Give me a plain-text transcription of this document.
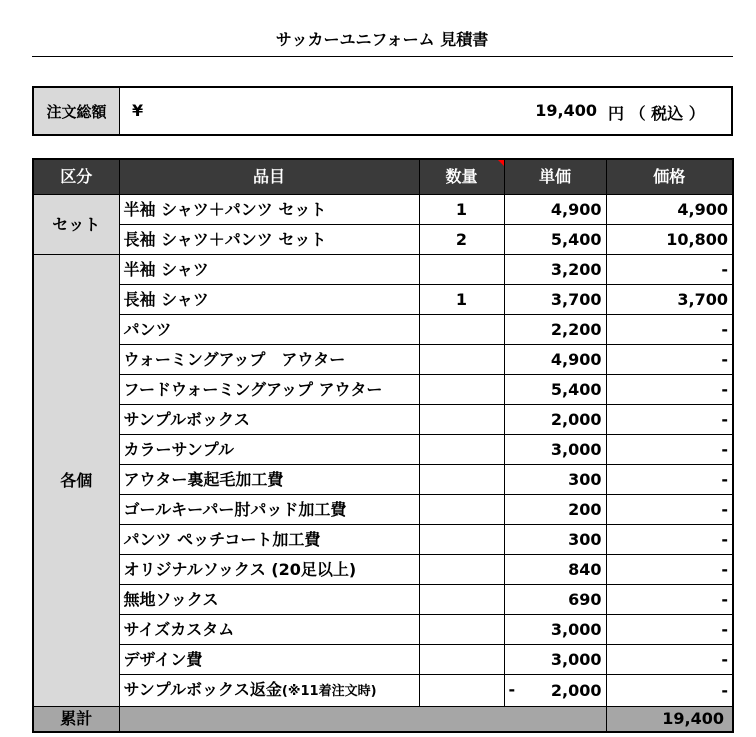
サッカーユニフォーム 見積書
注文総額	¥	19,400 円 （ 税込 ）
区分	品目	数量	単価	価格
セット	半袖 シャツ＋パンツ セット	1	4,900	4,900
	長袖 シャツ＋パンツ セット	2	5,400	10,800
各個	半袖 シャツ		3,200	-
	長袖 シャツ	1	3,700	3,700
	パンツ		2,200	-
	ウォーミングアップ　アウター		4,900	-
	フードウォーミングアップ アウター		5,400	-
	サンプルボックス		2,000	-
	カラーサンプル		3,000	-
	アウター裏起毛加工費		300	-
	ゴールキーパー肘パッド加工費		200	-
	パンツ ペッチコート加工費		300	-
	オリジナルソックス (20足以上)		840	-
	無地ソックス		690	-
	サイズカスタム		3,000	-
	デザイン費		3,000	-
	サンプルボックス返金(※11着注文時)		- 2,000	-
累計				19,400
